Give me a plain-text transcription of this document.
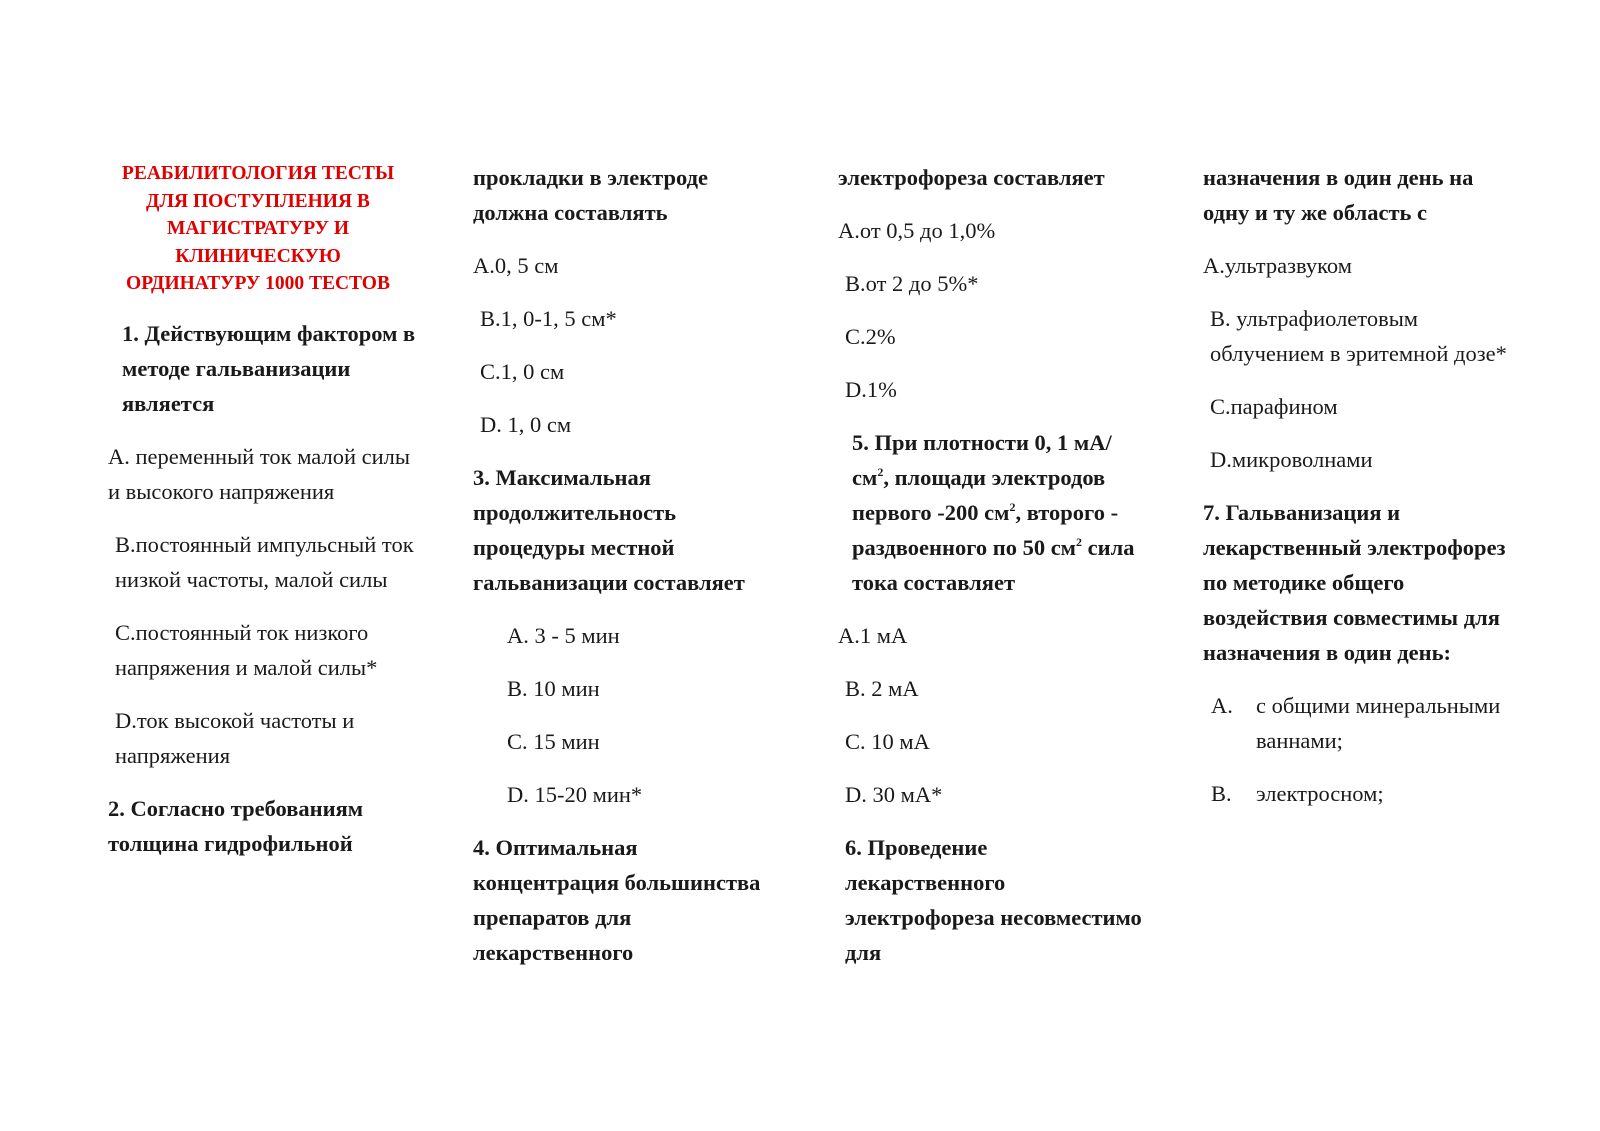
РЕАБИЛИТОЛОГИЯ ТЕСТЫ ДЛЯ ПОСТУПЛЕНИЯ В МАГИСТРАТУРУ И КЛИНИЧЕСКУЮ ОРДИНАТУРУ 1000 ТЕСТОВ
1. Действующим фактором в методе гальванизации является
A. переменный ток малой силы и высокого напряжения
B.постоянный импульсный ток низкой частоты, малой силы
C.постоянный ток низкого напряжения и малой силы*
D.ток высокой частоты и напряжения
2. Согласно требованиям толщина гидрофильной
прокладки в электроде должна составлять
A.0, 5 см
B.1, 0-1, 5 см*
C.1, 0 см
D. 1, 0 см
3. Максимальная продолжительность процедуры местной гальванизации составляет
A. 3 - 5 мин
B. 10 мин
C. 15 мин
D. 15-20 мин*
4. Оптимальная концентрация большинства препаратов для лекарственного
электрофореза составляет
A.от 0,5 до 1,0%
B.от 2 до 5%*
C.2%
D.1%
5. При плотности 0, 1 $мА/см^2$, площади электродов первого -200 $см^2$, второго - раздвоенного по 50 $см^2$ сила тока составляет
A.1 мА
B. 2 мА
C. 10 мА
D. 30 мА*
6. Проведение лекарственного электрофореза несовместимо для
назначения в один день на одну и ту же область с
A.ультразвуком
B. ультрафиолетовым облучением в эритемной дозе*
C.парафином
D.микроволнами
7. Гальванизация и лекарственный электрофорез по методике общего воздействия совместимы для назначения в один день:
A.	с общими минеральными ваннами;
B.	электросном;
